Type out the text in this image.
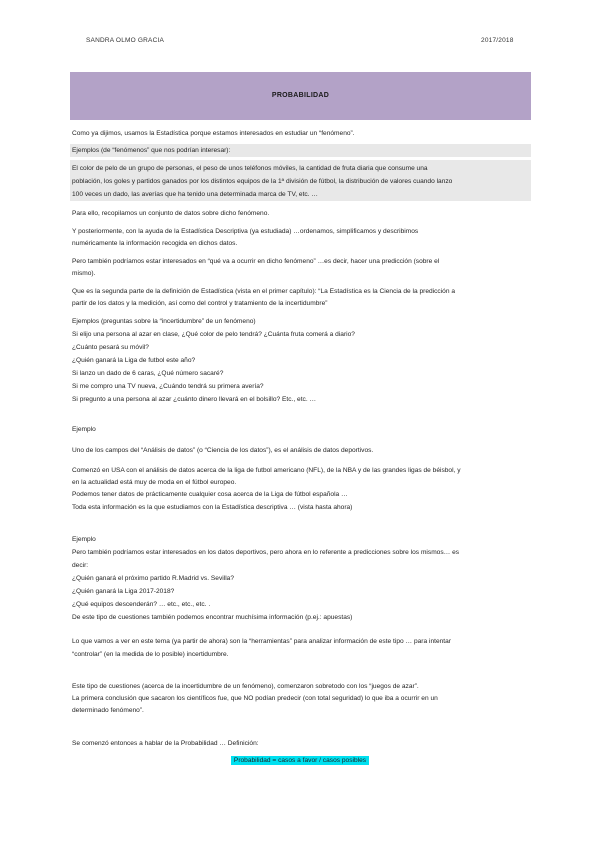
SANDRA OLMO GRACIA	2017/2018
PROBABILIDAD
Como ya dijimos, usamos la Estadística porque estamos interesados en estudiar un “fenómeno”.
Ejemplos (de “fenómenos” que nos podrían interesar):
El color de pelo de un grupo de personas, el peso de unos teléfonos móviles, la cantidad de fruta diaria que consume una
población, los goles y partidos ganados por los distintos equipos de la 1ª división de fútbol, la distribución de valores cuando lanzo
100 veces un dado, las averías que ha tenido una determinada marca de TV, etc. …
Para ello, recopilamos un conjunto de datos sobre dicho fenómeno.
Y posteriormente, con la ayuda de la Estadística Descriptiva (ya estudiada) …ordenamos, simplificamos y describimos
numéricamente la información recogida en dichos datos.
Pero también podríamos estar interesados en “qué va a ocurrir en dicho fenómeno” …es decir, hacer una predicción (sobre el
mismo).
Que es la segunda parte de la definición de Estadística (vista en el primer capítulo): “La Estadística es la Ciencia de la predicción a
partir de los datos y la medición, así como del control y tratamiento de la incertidumbre”
Ejemplos (preguntas sobre la “incertidumbre” de un fenómeno)
Si elijo una persona al azar en clase, ¿Qué color de pelo tendrá? ¿Cuánta fruta comerá a diario?
¿Cuánto pesará su móvil?
¿Quién ganará la Liga de futbol este año?
Si lanzo un dado de 6 caras, ¿Qué número sacaré?
Si me compro una TV nueva, ¿Cuándo tendrá su primera avería?
Si pregunto a una persona al azar ¿cuánto dinero llevará en el bolsillo? Etc., etc. …
Ejemplo
Uno de los campos del “Análisis de datos” (o “Ciencia de los datos”), es el análisis de datos deportivos.
Comenzó en USA con el análisis de datos acerca de la liga de futbol americano (NFL), de la NBA y de las grandes ligas de béisbol, y
en la actualidad está muy de moda en el fútbol europeo.
Podemos tener datos de prácticamente cualquier cosa acerca de la Liga de fútbol española …
Toda esta información es la que estudiamos con la Estadística descriptiva … (vista hasta ahora)
Ejemplo
Pero también podríamos estar interesados en los datos deportivos, pero ahora en lo referente a predicciones sobre los mismos… es
decir:
¿Quién ganará el próximo partido R.Madrid vs. Sevilla?
¿Quién ganará la Liga 2017-2018?
¿Qué equipos descenderán? … etc., etc., etc. .
De este tipo de cuestiones también podemos encontrar muchísima información (p.ej.: apuestas)
Lo que vamos a ver en este tema (ya partir de ahora) son la “herramientas” para analizar información de este tipo … para intentar
“controlar” (en la medida de lo posible) incertidumbre.
Este tipo de cuestiones (acerca de la incertidumbre de un fenómeno), comenzaron sobretodo con los “juegos de azar”.
La primera conclusión que sacaron los científicos fue, que NO podían predecir (con total seguridad) lo que iba a ocurrir en un
determinado fenómeno”.
Se comenzó entonces a hablar de la Probabilidad … Definición:
Probabilidad = casos a favor / casos posibles
